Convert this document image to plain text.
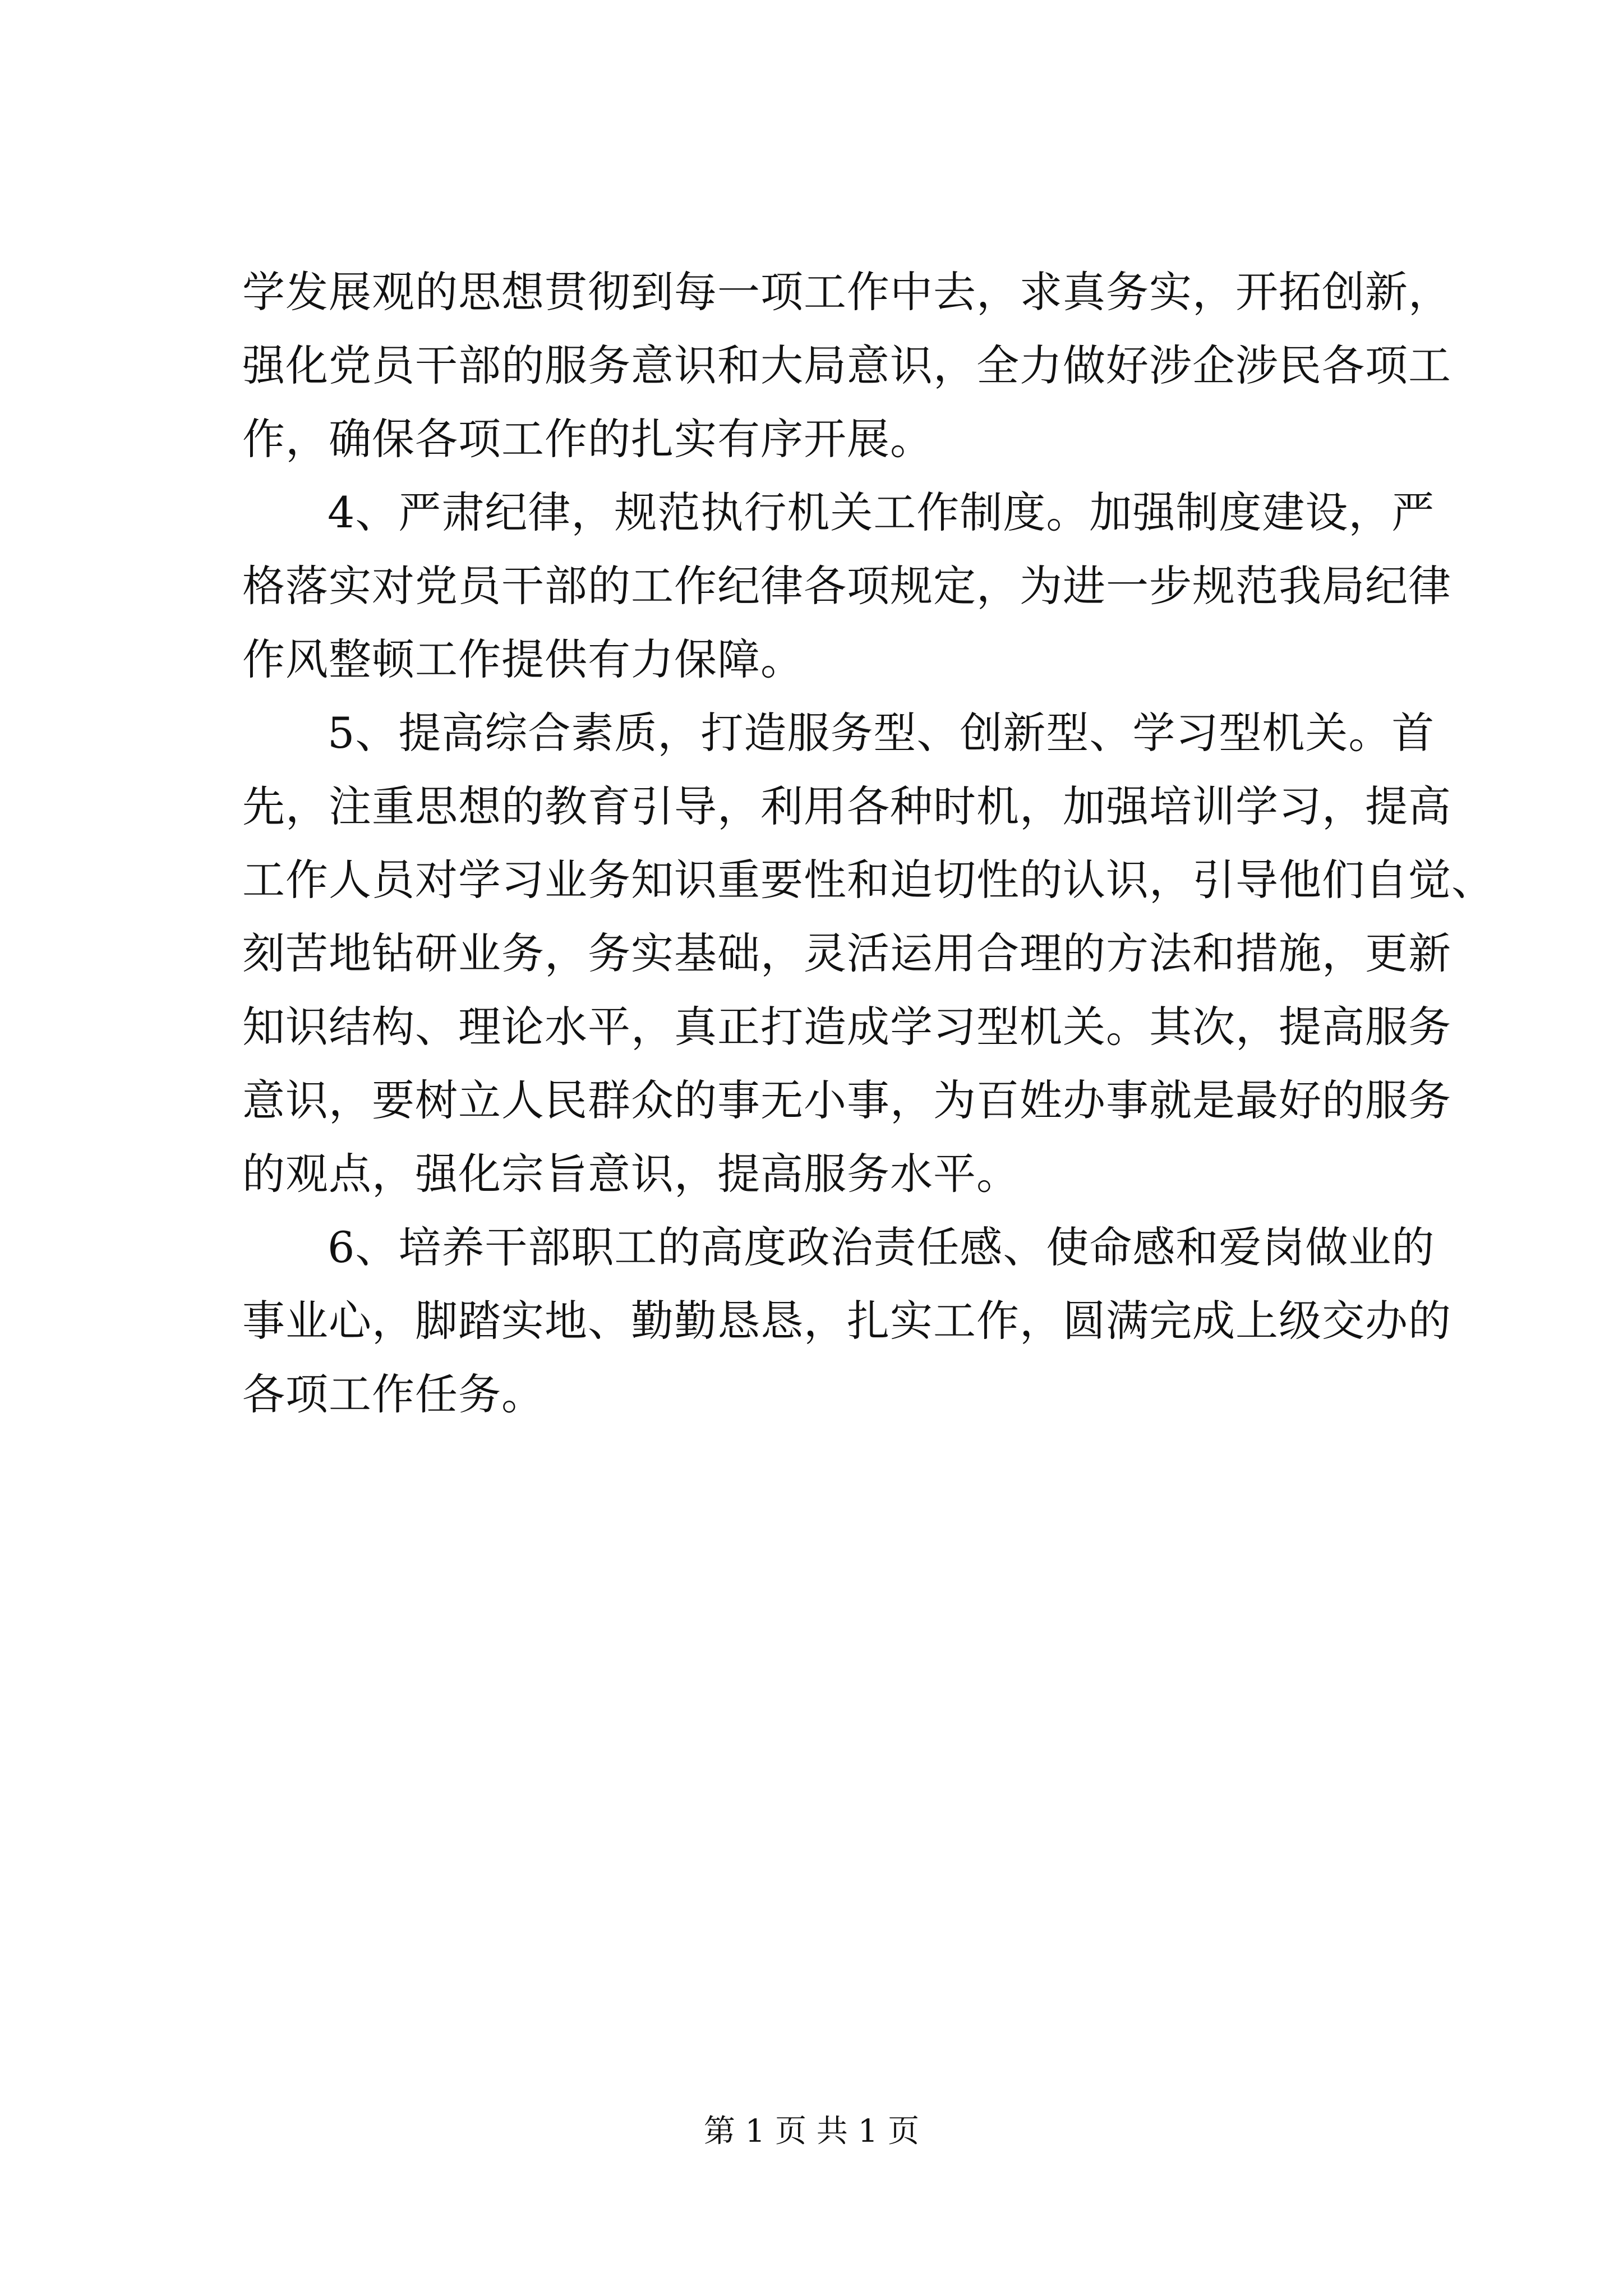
学发展观的思想贯彻到每一项工作中去，求真务实，开拓创新，
强化党员干部的服务意识和大局意识，全力做好涉企涉民各项工
作，确保各项工作的扎实有序开展。
4、严肃纪律，规范执行机关工作制度。加强制度建设，严
格落实对党员干部的工作纪律各项规定，为进一步规范我局纪律
作风整顿工作提供有力保障。
5、提高综合素质，打造服务型、创新型、学习型机关。首
先，注重思想的教育引导，利用各种时机，加强培训学习，提高
工作人员对学习业务知识重要性和迫切性的认识，引导他们自觉、
刻苦地钻研业务，务实基础，灵活运用合理的方法和措施，更新
知识结构、理论水平，真正打造成学习型机关。其次，提高服务
意识，要树立人民群众的事无小事，为百姓办事就是最好的服务
的观点，强化宗旨意识，提高服务水平。
6、培养干部职工的高度政治责任感、使命感和爱岗做业的
事业心，脚踏实地、勤勤恳恳，扎实工作，圆满完成上级交办的
各项工作任务。
第 1 页 共 1 页
